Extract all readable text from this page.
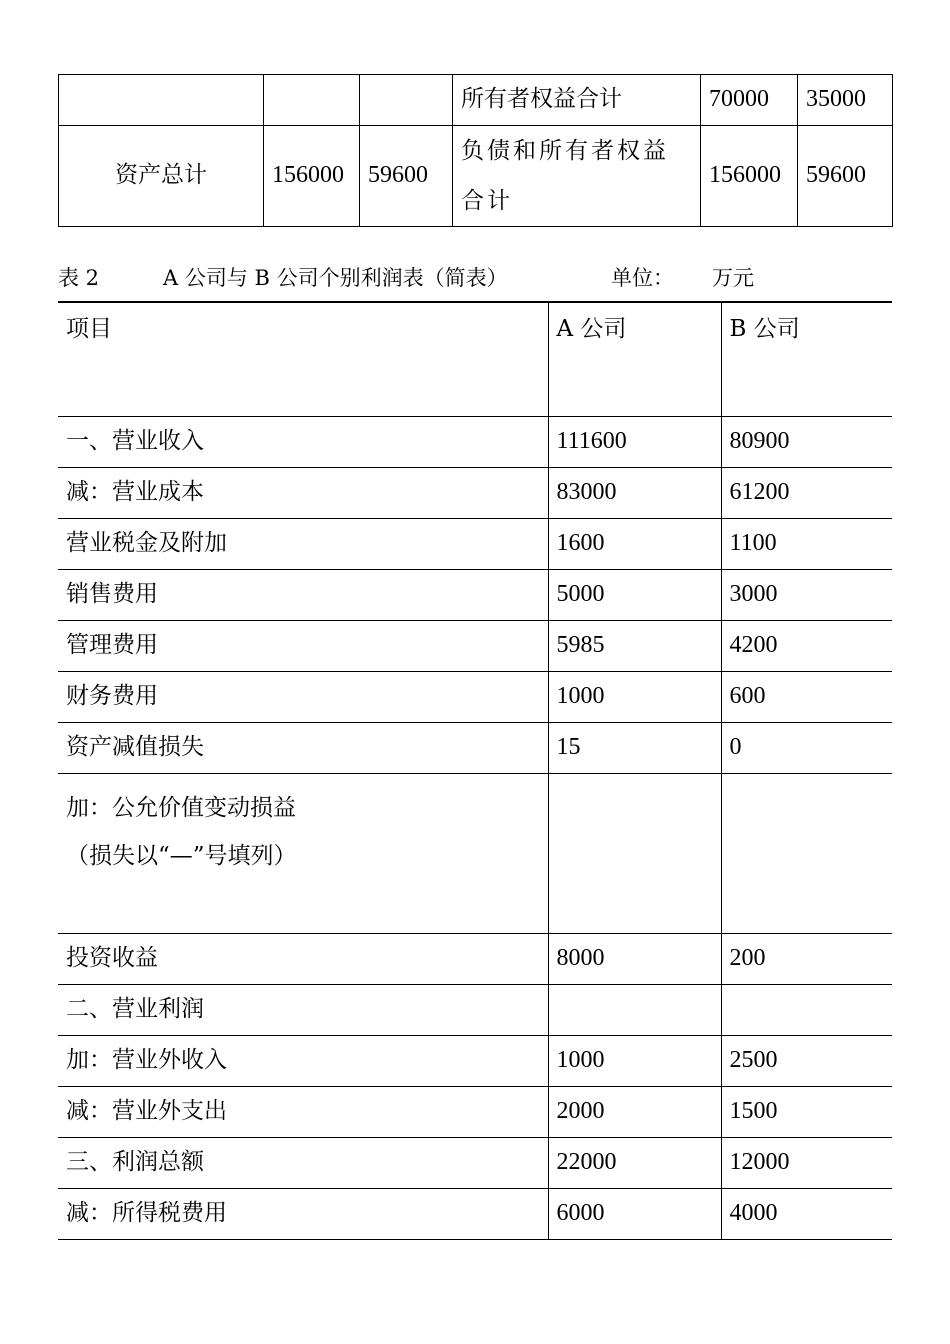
			所有者权益合计	70000	35000
资产总计	156000	59600	负债和所有者权益合计	156000	59600
表 2	A 公司与 B 公司个别利润表（简表）	单位： 万元
项目	A 公司	B 公司
一、营业收入	111600	80900
减：营业成本	83000	61200
营业税金及附加	1600	1100
销售费用	5000	3000
管理费用	5985	4200
财务费用	1000	600
资产减值损失	15	0

加：公允价值变动损益
（损失以“—”号填列）		

投资收益	8000	200
二、营业利润		
加：营业外收入	1000	2500
减：营业外支出	2000	1500
三、利润总额	22000	12000
减：所得税费用	6000	4000
